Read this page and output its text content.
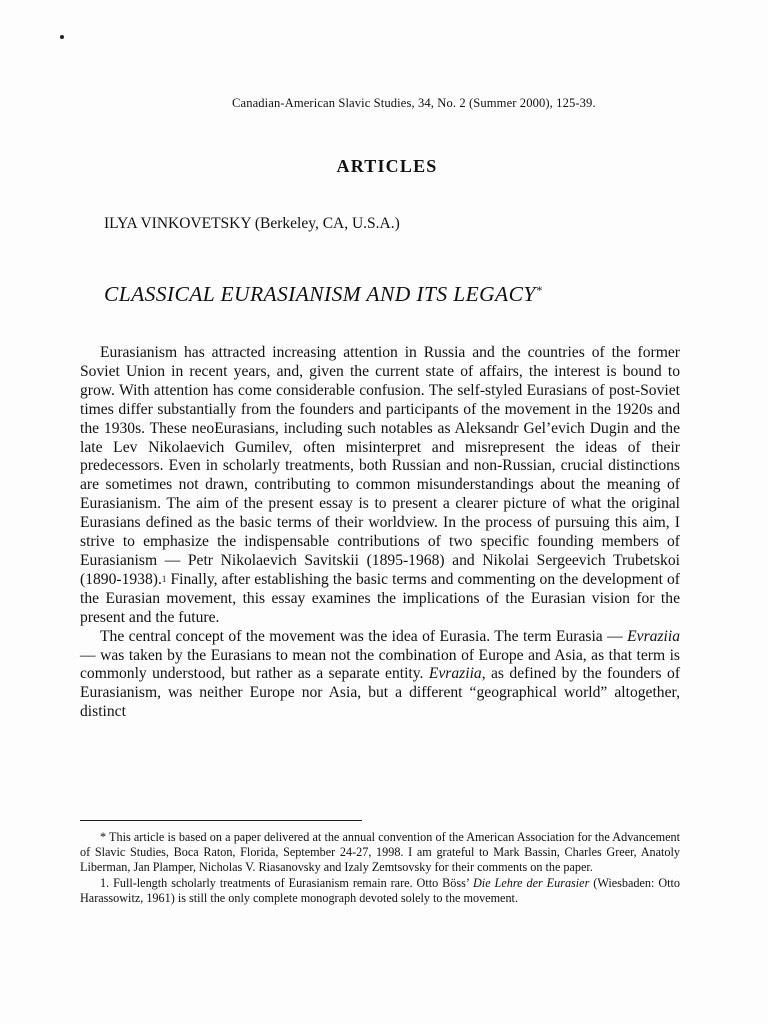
Canadian-American Slavic Studies, 34, No. 2 (Summer 2000), 125-39.
ARTICLES
ILYA VINKOVETSKY (Berkeley, CA, U.S.A.)
CLASSICAL EURASIANISM AND ITS LEGACY*

Eurasianism has attracted increasing attention in Russia and the countries of the former Soviet Union in recent years, and, given the current state of affairs, the interest is bound to grow. With attention has come considerable confusion. The self-styled Eurasians of post-Soviet times differ substantially from the founders and participants of the movement in the 1920s and the 1930s. These neoEurasians, including such notables as Aleksandr Gel’evich Dugin and the late Lev Nikolaevich Gumilev, often misinterpret and misrepresent the ideas of their predecessors. Even in scholarly treatments, both Russian and non-Russian, crucial distinctions are sometimes not drawn, contributing to common misunderstandings about the meaning of Eurasianism. The aim of the present essay is to present a clearer picture of what the original Eurasians defined as the basic terms of their worldview. In the process of pursuing this aim, I strive to emphasize the indispensable contributions of two specific founding members of Eurasianism — Petr Nikolaevich Savitskii (1895-1968) and Nikolai Sergeevich Trubetskoi (1890-1938).$^1$ Finally, after establishing the basic terms and commenting on the development of the Eurasian movement, this essay examines the implications of the Eurasian vision for the present and the future.

The central concept of the movement was the idea of Eurasia. The term Eurasia — Evraziia — was taken by the Eurasians to mean not the combination of Europe and Asia, as that term is commonly understood, but rather as a separate entity. Evraziia, as defined by the founders of Eurasianism, was neither Europe nor Asia, but a different “geographical world” altogether, distinct

* This article is based on a paper delivered at the annual convention of the American Association for the Advancement of Slavic Studies, Boca Raton, Florida, September 24-27, 1998. I am grateful to Mark Bassin, Charles Greer, Anatoly Liberman, Jan Plamper, Nicholas V. Riasanovsky and Izaly Zemtsovsky for their comments on the paper.

1. Full-length scholarly treatments of Eurasianism remain rare. Otto Böss’ Die Lehre der Eurasier (Wiesbaden: Otto Harassowitz, 1961) is still the only complete monograph devoted solely to the movement.
